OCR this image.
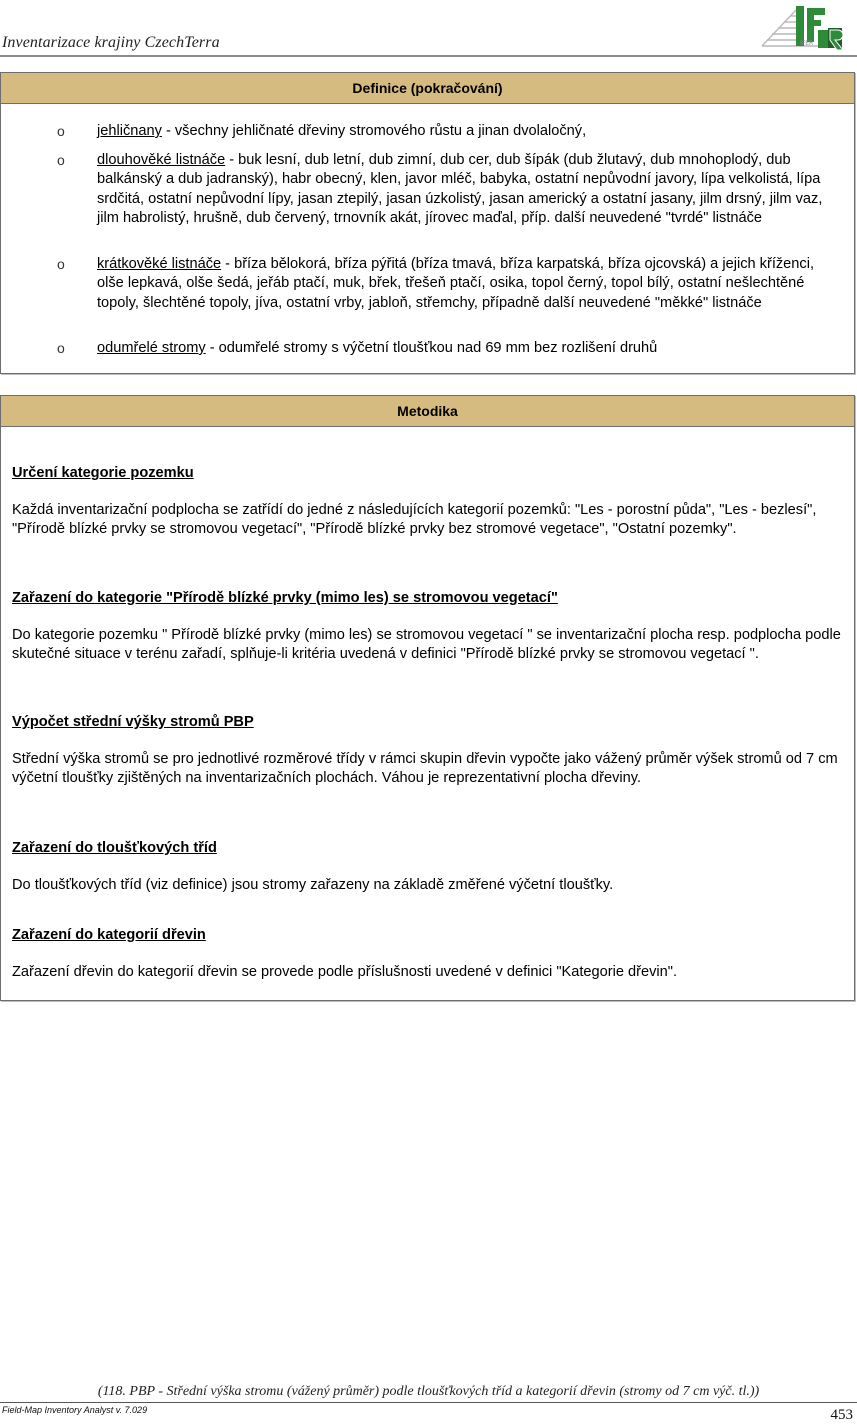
Inventarizace krajiny CzechTerra	IFER
Definice (pokračování)
o jehličnany - všechny jehličnaté dřeviny stromového růstu a jinan dvolaločný,
o dlouhověké listnáče - buk lesní, dub letní, dub zimní, dub cer, dub šípák (dub žlutavý, dub mnohoplodý, dub balkánský a dub jadranský), habr obecný, klen, javor mléč, babyka, ostatní nepůvodní javory, lípa velkolistá, lípa srdčitá, ostatní nepůvodní lípy, jasan ztepilý, jasan úzkolistý, jasan americký a ostatní jasany, jilm drsný, jilm vaz, jilm habrolistý, hrušně, dub červený, trnovník akát, jírovec maďal, příp. další neuvedené "tvrdé" listnáče
o krátkověké listnáče - bříza bělokorá, bříza pýřitá (bříza tmavá, bříza karpatská, bříza ojcovská) a jejich kříženci, olše lepkavá, olše šedá, jeřáb ptačí, muk, břek, třešeň ptačí, osika, topol černý, topol bílý, ostatní nešlechtěné topoly, šlechtěné topoly, jíva, ostatní vrby, jabloň, střemchy, případně další neuvedené "měkké" listnáče
o odumřelé stromy - odumřelé stromy s výčetní tloušťkou nad 69 mm bez rozlišení druhů
Metodika
Určení kategorie pozemku
Každá inventarizační podplocha se zatřídí do jedné z následujících kategorií pozemků: "Les - porostní půda", "Les - bezlesí", "Přírodě blízké prvky se stromovou vegetací", "Přírodě blízké prvky bez stromové vegetace", "Ostatní pozemky".
Zařazení do kategorie "Přírodě blízké prvky (mimo les) se stromovou vegetací"
Do kategorie pozemku " Přírodě blízké prvky (mimo les) se stromovou vegetací " se inventarizační plocha resp. podplocha podle skutečné situace v terénu zařadí, splňuje-li kritéria uvedená v definici "Přírodě blízké prvky se stromovou vegetací ".
Výpočet střední výšky stromů PBP
Střední výška stromů se pro jednotlivé rozměrové třídy v rámci skupin dřevin vypočte jako vážený průměr výšek stromů od 7 cm výčetní tloušťky zjištěných na inventarizačních plochách. Váhou je reprezentativní plocha dřeviny.
Zařazení do tloušťkových tříd
Do tloušťkových tříd (viz definice) jsou stromy zařazeny na základě změřené výčetní tloušťky.
Zařazení do kategorií dřevin
Zařazení dřevin do kategorií dřevin se provede podle příslušnosti uvedené v definici "Kategorie dřevin".
(118. PBP - Střední výška stromu (vážený průměr) podle tloušťkových tříd a kategorií dřevin (stromy od 7 cm výč. tl.))
Field-Map Inventory Analyst v. 7.029	453
